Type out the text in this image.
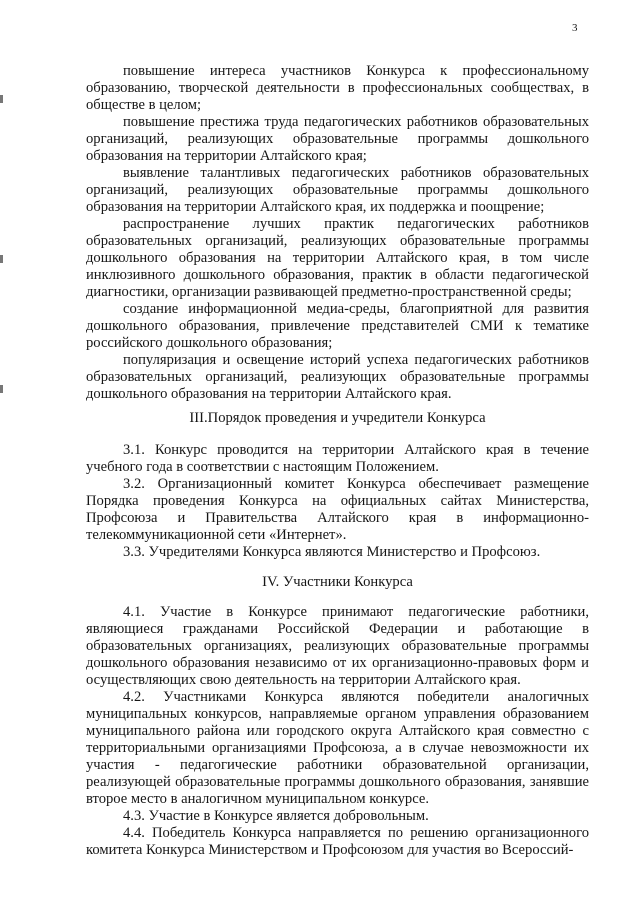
3

повышение интереса участников Конкурса к профессиональному образованию, творческой деятельности в профессиональных сообществах, в обществе в целом;

повышение престижа труда педагогических работников образовательных организаций, реализующих образовательные программы дошкольного образования на территории Алтайского края;

выявление талантливых педагогических работников образовательных организаций, реализующих образовательные программы дошкольного образования на территории Алтайского края, их поддержка и поощрение;

распространение лучших практик педагогических работников образовательных организаций, реализующих образовательные программы дошкольного образования на территории Алтайского края, в том числе инклюзивного дошкольного образования, практик в области педагогической диагностики, организации развивающей предметно-пространственной среды;

создание информационной медиа-среды, благоприятной для развития дошкольного образования, привлечение представителей СМИ к тематике российского дошкольного образования;

популяризация и освещение историй успеха педагогических работников образовательных организаций, реализующих образовательные программы дошкольного образования на территории Алтайского края.

III.Порядок проведения и учредители Конкурса

3.1. Конкурс проводится на территории Алтайского края в течение учебного года в соответствии с настоящим Положением.

3.2. Организационный комитет Конкурса обеспечивает размещение Порядка проведения Конкурса на официальных сайтах Министерства, Профсоюза и Правительства Алтайского края в информационно-телекоммуникационной сети «Интернет».

3.3. Учредителями Конкурса являются Министерство и Профсоюз.

IV. Участники Конкурса

4.1. Участие в Конкурсе принимают педагогические работники, являющиеся гражданами Российской Федерации и работающие в образовательных организациях, реализующих образовательные программы дошкольного образования независимо от их организационно-правовых форм и осуществляющих свою деятельность на территории Алтайского края.

4.2. Участниками Конкурса являются победители аналогичных муниципальных конкурсов, направляемые органом управления образованием муниципального района или городского округа Алтайского края совместно с территориальными организациями Профсоюза, а в случае невозможности их участия - педагогические работники образовательной организации, реализующей образовательные программы дошкольного образования, занявшие второе место в аналогичном муниципальном конкурсе.

4.3. Участие в Конкурсе является добровольным.

4.4. Победитель Конкурса направляется по решению организационного комитета Конкурса Министерством и Профсоюзом для участия во Всероссий-
